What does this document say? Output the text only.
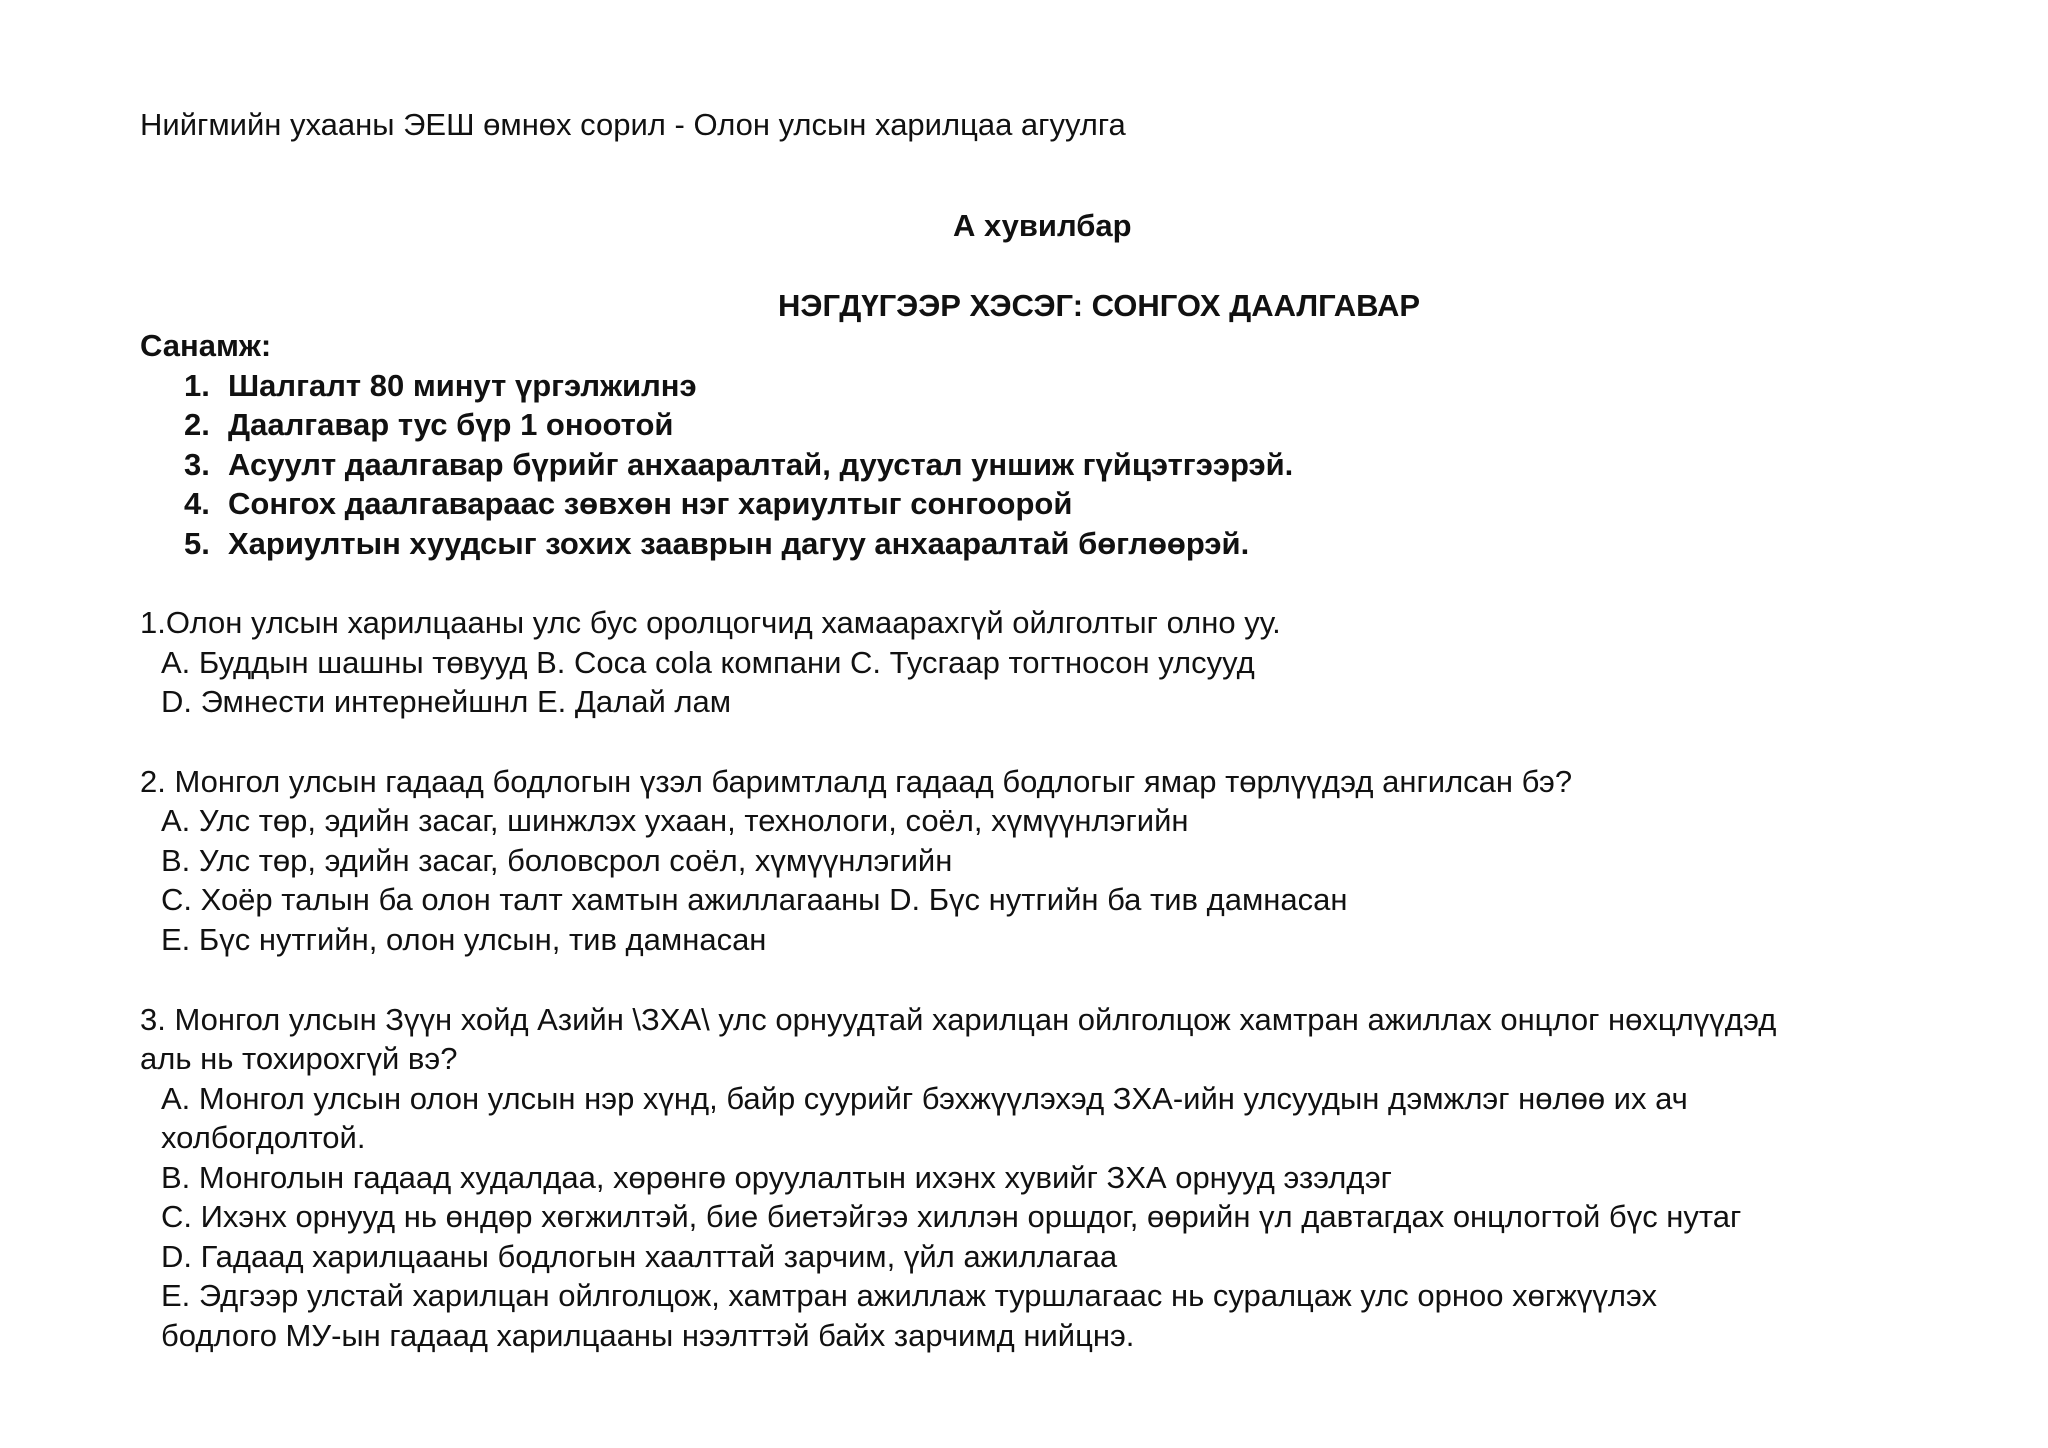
Нийгмийн ухааны ЭЕШ өмнөх сорил - Олон улсын харилцаа агуулга
А хувилбар
НЭГДҮГЭЭР ХЭСЭГ: СОНГОХ ДААЛГАВАР
Санамж:
1. Шалгалт 80 минут үргэлжилнэ
2. Даалгавар тус бүр 1 оноотой
3. Асуулт даалгавар бүрийг анхааралтай, дуустал уншиж гүйцэтгээрэй.
4. Сонгох даалгавараас зөвхөн нэг хариултыг сонгоорой
5. Хариултын хуудсыг зохих зааврын дагуу анхааралтай бөглөөрэй.
1.Олон улсын харилцааны улс бус оролцогчид хамаарахгүй ойлголтыг олно уу.
A. Буддын шашны төвууд B. Coca cola компани C. Тусгаар тогтносон улсууд
D. Эмнести интернейшнл E. Далай лам
2. Монгол улсын гадаад бодлогын үзэл баримтлалд гадаад бодлогыг ямар төрлүүдэд ангилсан бэ?
A. Улс төр, эдийн засаг, шинжлэх ухаан, технологи, соёл, хүмүүнлэгийн
B. Улс төр, эдийн засаг, боловсрол соёл, хүмүүнлэгийн
C. Хоёр талын ба олон талт хамтын ажиллагааны D. Бүс нутгийн ба тив дамнасан
E. Бүс нутгийн, олон улсын, тив дамнасан
3. Монгол улсын Зүүн хойд Азийн \ЗХА\ улс орнуудтай харилцан ойлголцож хамтран ажиллах онцлог нөхцлүүдэд
аль нь тохирохгүй вэ?
A. Монгол улсын олон улсын нэр хүнд, байр суурийг бэхжүүлэхэд ЗХА-ийн улсуудын дэмжлэг нөлөө их ач
холбогдолтой.
B. Монголын гадаад худалдаа, хөрөнгө оруулалтын ихэнх хувийг ЗХА орнууд эзэлдэг
C. Ихэнх орнууд нь өндөр хөгжилтэй, бие биетэйгээ хиллэн оршдог, өөрийн үл давтагдах онцлогтой бүс нутаг
D. Гадаад харилцааны бодлогын хаалттай зарчим, үйл ажиллагаа
E. Эдгээр улстай харилцан ойлголцож, хамтран ажиллаж туршлагаас нь суралцаж улс орноо хөгжүүлэх
бодлого МУ-ын гадаад харилцааны нээлттэй байх зарчимд нийцнэ.
